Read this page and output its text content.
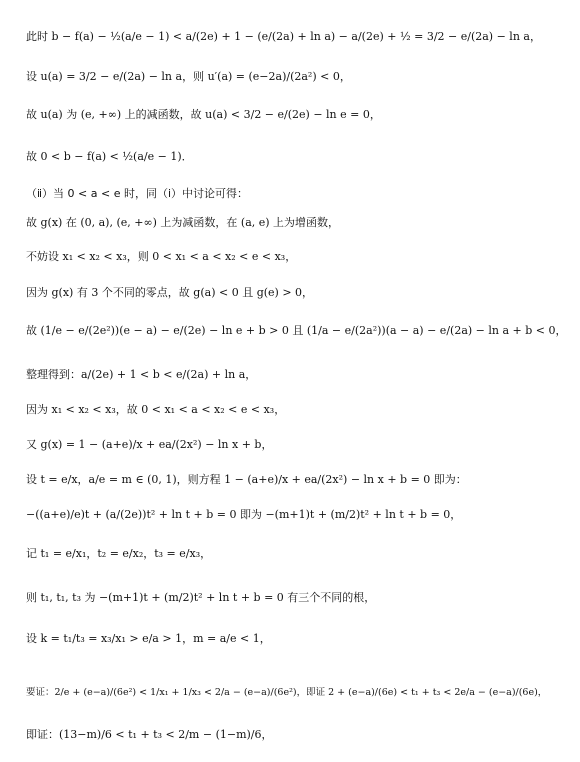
此时 b − f(a) − ½(a/e − 1) < a/(2e) + 1 − (e/(2a) + ln a) − a/(2e) + ½ = 3/2 − e/(2a) − ln a，
设 u(a) = 3/2 − e/(2a) − ln a，则 u′(a) = (e−2a)/(2a²) < 0，
故 u(a) 为 (e, +∞) 上的减函数，故 u(a) < 3/2 − e/(2e) − ln e = 0，
故 0 < b − f(a) < ½(a/e − 1)．
（ⅱ）当 0 < a < e 时，同（ⅰ）中讨论可得：
故 g(x) 在 (0, a), (e, +∞) 上为减函数，在 (a, e) 上为增函数，
不妨设 x₁ < x₂ < x₃，则 0 < x₁ < a < x₂ < e < x₃，
因为 g(x) 有 3 个不同的零点，故 g(a) < 0 且 g(e) > 0，
故 (1/e − e/(2e²))(e − a) − e/(2e) − ln e + b > 0 且 (1/a − e/(2a²))(a − a) − e/(2a) − ln a + b < 0，
整理得到：a/(2e) + 1 < b < e/(2a) + ln a，
因为 x₁ < x₂ < x₃，故 0 < x₁ < a < x₂ < e < x₃，
又 g(x) = 1 − (a+e)/x + ea/(2x²) − ln x + b，
设 t = e/x，a/e = m ∈ (0, 1)，则方程 1 − (a+e)/x + ea/(2x²) − ln x + b = 0 即为：
−((a+e)/e)t + (a/(2e))t² + ln t + b = 0 即为 −(m+1)t + (m/2)t² + ln t + b = 0，
记 t₁ = e/x₁，t₂ = e/x₂，t₃ = e/x₃，
则 t₁, t₁, t₃ 为 −(m+1)t + (m/2)t² + ln t + b = 0 有三个不同的根，
设 k = t₁/t₃ = x₃/x₁ > e/a > 1，m = a/e < 1，
要证：2/e + (e−a)/(6e²) < 1/x₁ + 1/x₃ < 2/a − (e−a)/(6e²)，即证 2 + (e−a)/(6e) < t₁ + t₃ < 2e/a − (e−a)/(6e)，
即证：(13−m)/6 < t₁ + t₃ < 2/m − (1−m)/6，
